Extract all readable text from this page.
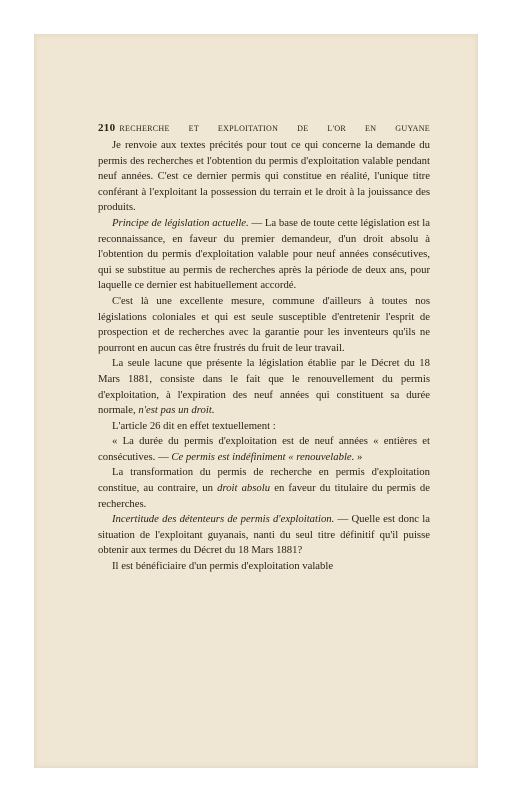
210 RECHERCHE ET EXPLOITATION DE L'OR EN GUYANE

Je renvoie aux textes précités pour tout ce qui concerne la demande du permis des recherches et l'obtention du permis d'exploitation valable pendant neuf années. C'est ce dernier permis qui constitue en réalité, l'unique titre conférant à l'exploitant la possession du terrain et le droit à la jouissance des produits.

Principe de législation actuelle. — La base de toute cette législation est la reconnaissance, en faveur du premier demandeur, d'un droit absolu à l'obtention du permis d'exploitation valable pour neuf années consécutives, qui se substitue au permis de recherches après la période de deux ans, pour laquelle ce dernier est habituellement accordé.

C'est là une excellente mesure, commune d'ailleurs à toutes nos législations coloniales et qui est seule susceptible d'entretenir l'esprit de prospection et de recherches avec la garantie pour les inventeurs qu'ils ne pourront en aucun cas être frustrés du fruit de leur travail.

La seule lacune que présente la législation établie par le Décret du 18 Mars 1881, consiste dans le fait que le renouvellement du permis d'exploitation, à l'expiration des neuf années qui constituent sa durée normale, n'est pas un droit.

L'article 26 dit en effet textuellement :

« La durée du permis d'exploitation est de neuf années « entières et consécutives. — Ce permis est indéfiniment « renouvelable. »

La transformation du permis de recherche en permis d'exploitation constitue, au contraire, un droit absolu en faveur du titulaire du permis de recherches.

Incertitude des détenteurs de permis d'exploitation. — Quelle est donc la situation de l'exploitant guyanais, nanti du seul titre définitif qu'il puisse obtenir aux termes du Décret du 18 Mars 1881?

Il est bénéficiaire d'un permis d'exploitation valable
